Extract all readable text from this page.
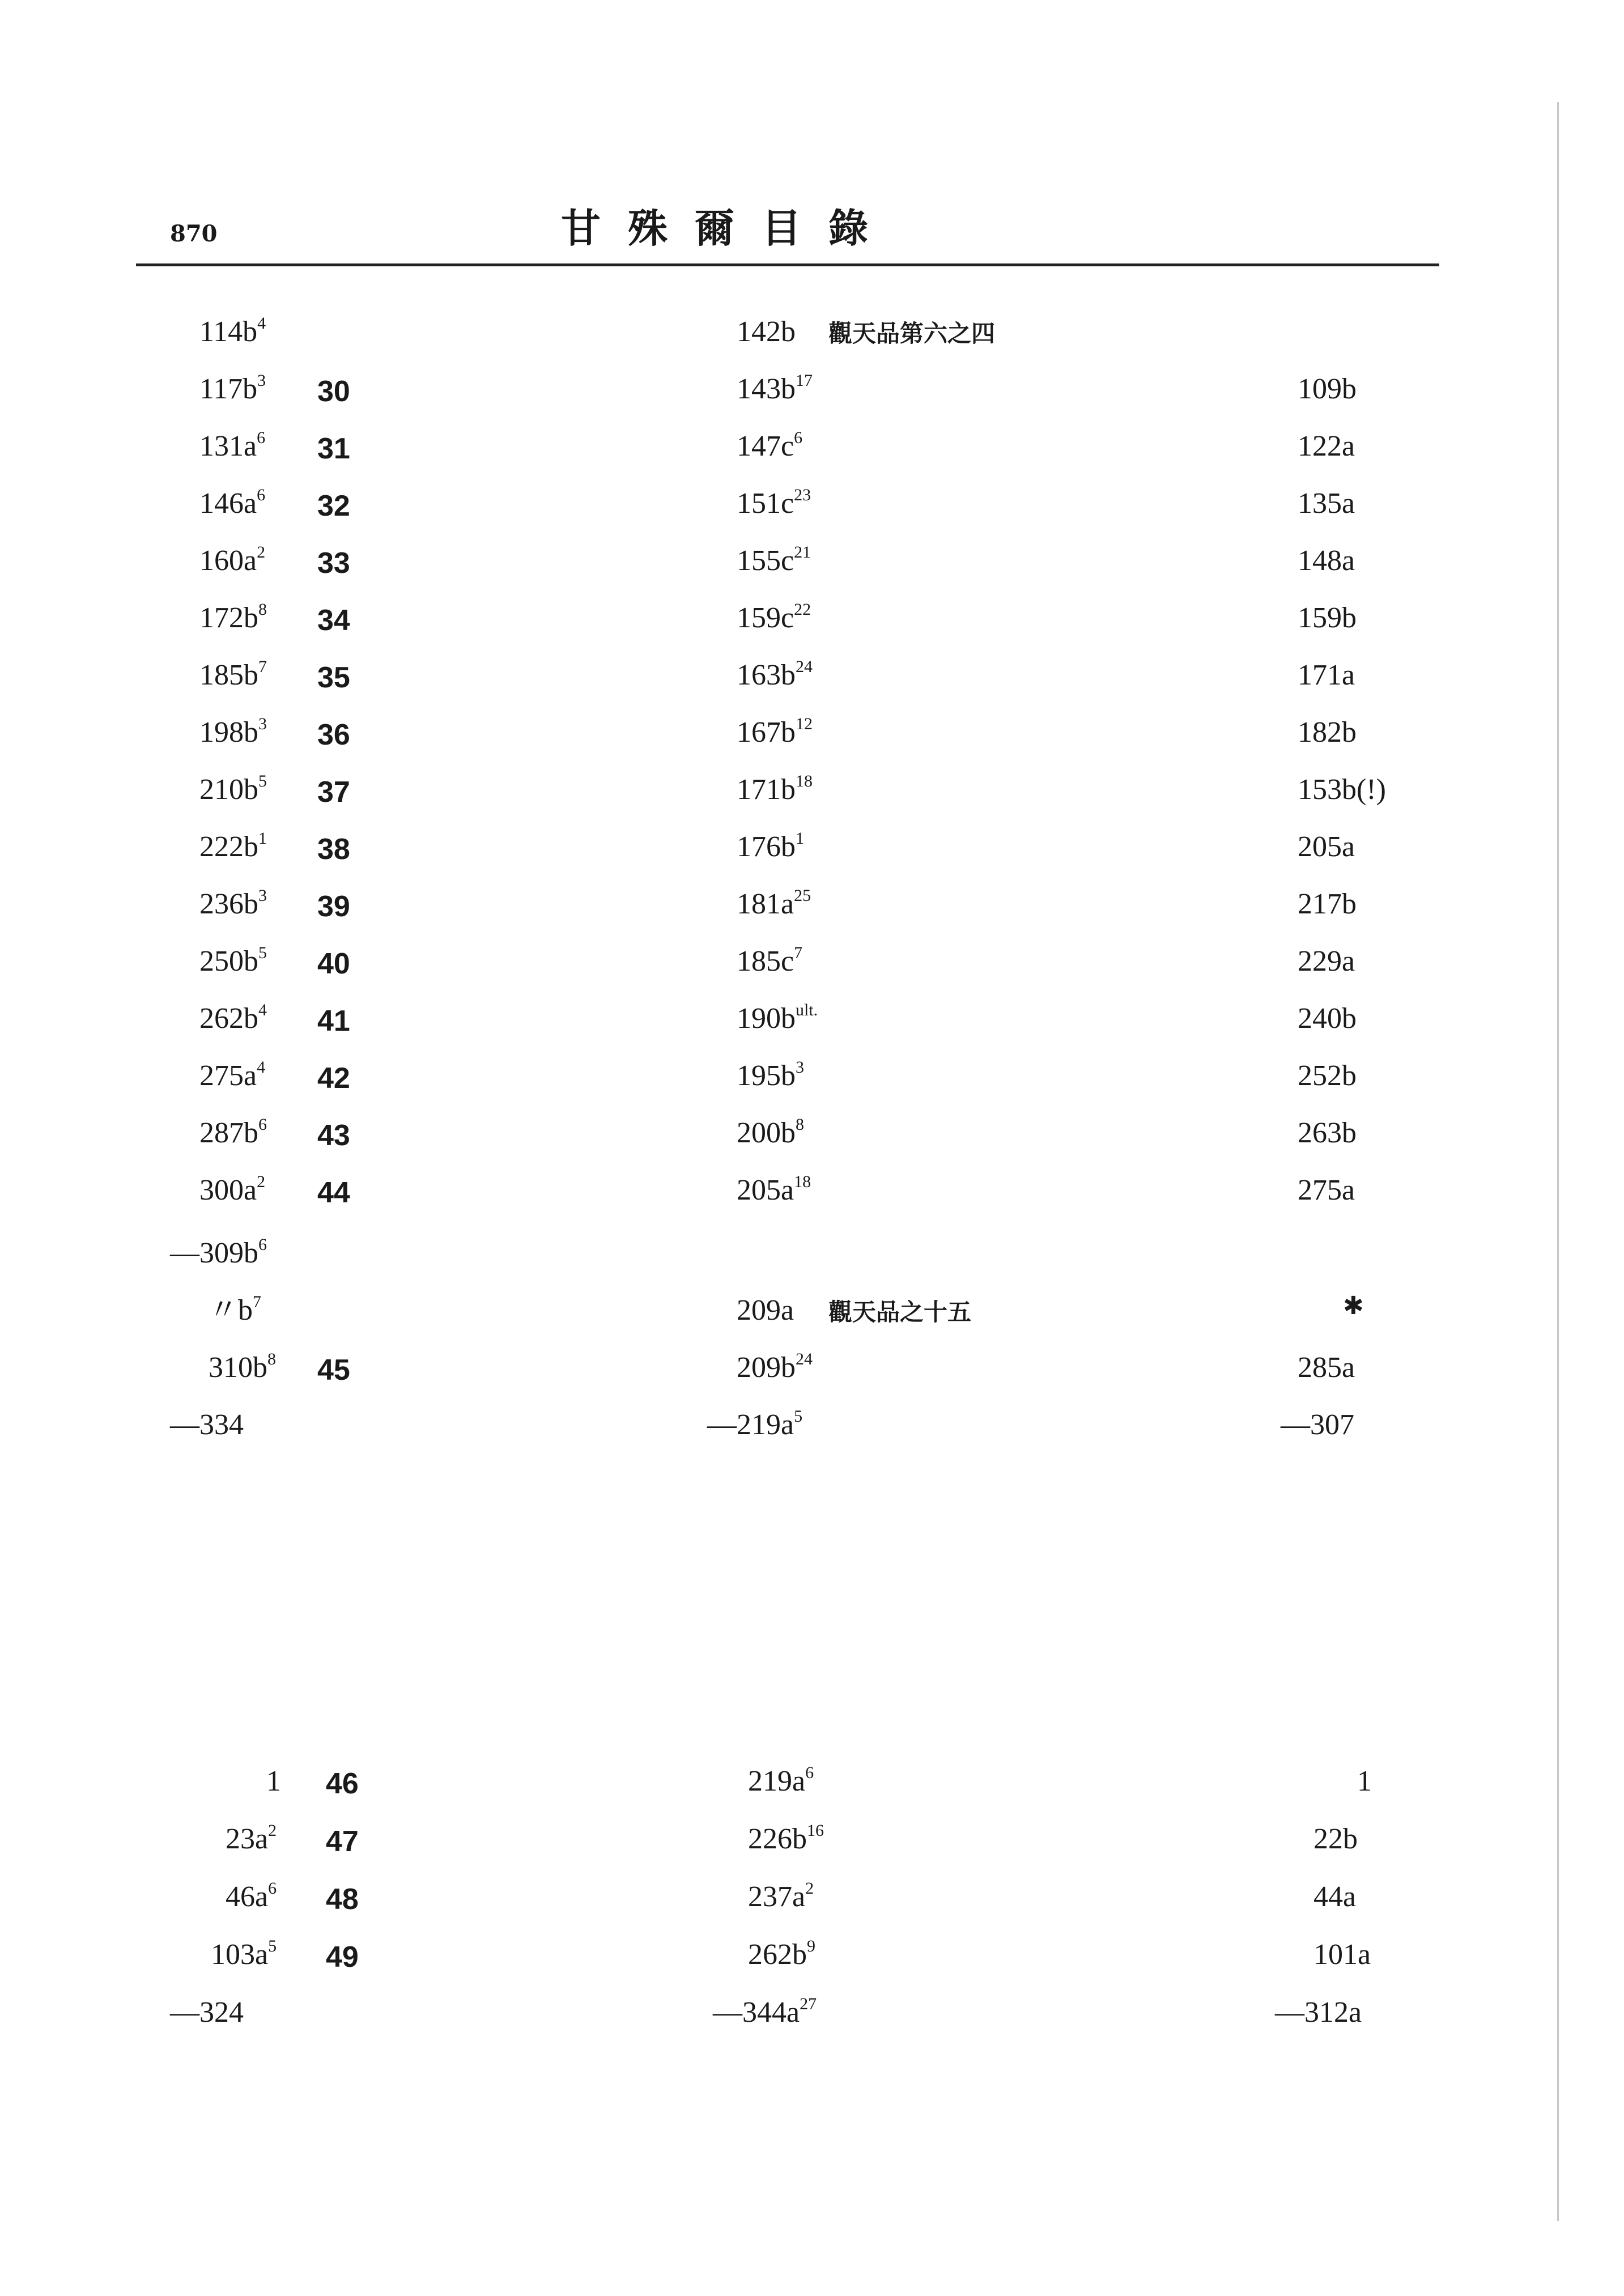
870	甘殊爾目錄
$114b^4$	142b 觀天品第六之四
$117b^3$ 30	$143b^{17}$	109b
$131a^6$ 31	$147c^6$	122a
$146a^6$ 32	$151c^{23}$	135a
$160a^2$ 33	$155c^{21}$	148a
$172b^8$ 34	$159c^{22}$	159b
$185b^7$ 35	$163b^{24}$	171a
$198b^3$ 36	$167b^{12}$	182b
$210b^5$ 37	$171b^{18}$	153b(!)
$222b^1$ 38	$176b^1$	205a
$236b^3$ 39	$181a^{25}$	217b
$250b^5$ 40	$185c^7$	229a
$262b^4$ 41	$190b^{ult.}$	240b
$275a^4$ 42	$195b^3$	252b
$287b^6$ 43	$200b^8$	263b
$300a^2$ 44	$205a^{18}$	275a
$—309b^6$
〃$b^7$	209a 觀天品之十五	✱
$310b^8$ 45	$209b^{24}$	285a
—334	$—219a^5$	—307
1 46	$219a^6$	1
$23a^2$ 47	$226b^{16}$	22b
$46a^6$ 48	$237a^2$	44a
$103a^5$ 49	$262b^9$	101a
—324	$—344a^{27}$	—312a
